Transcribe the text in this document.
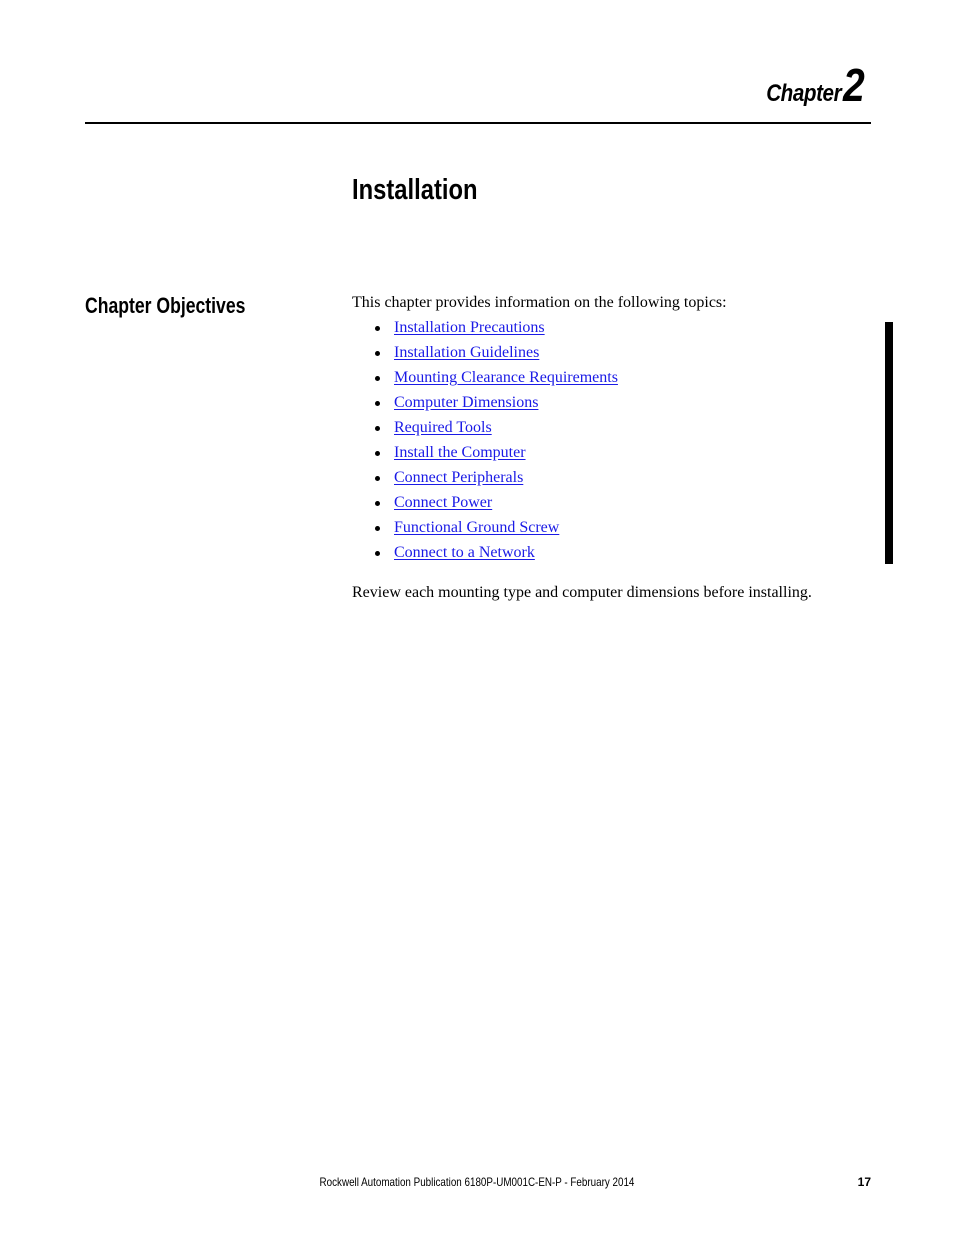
Chapter2
Installation
Chapter Objectives	This chapter provides information on the following topics:

Installation Precautions
Installation Guidelines
Mounting Clearance Requirements
Computer Dimensions
Required Tools
Install the Computer
Connect Peripherals
Connect Power
Functional Ground Screw
Connect to a Network

Review each mounting type and computer dimensions before installing.

Rockwell Automation Publication 6180P-UM001C-EN-P - February 2014	17
